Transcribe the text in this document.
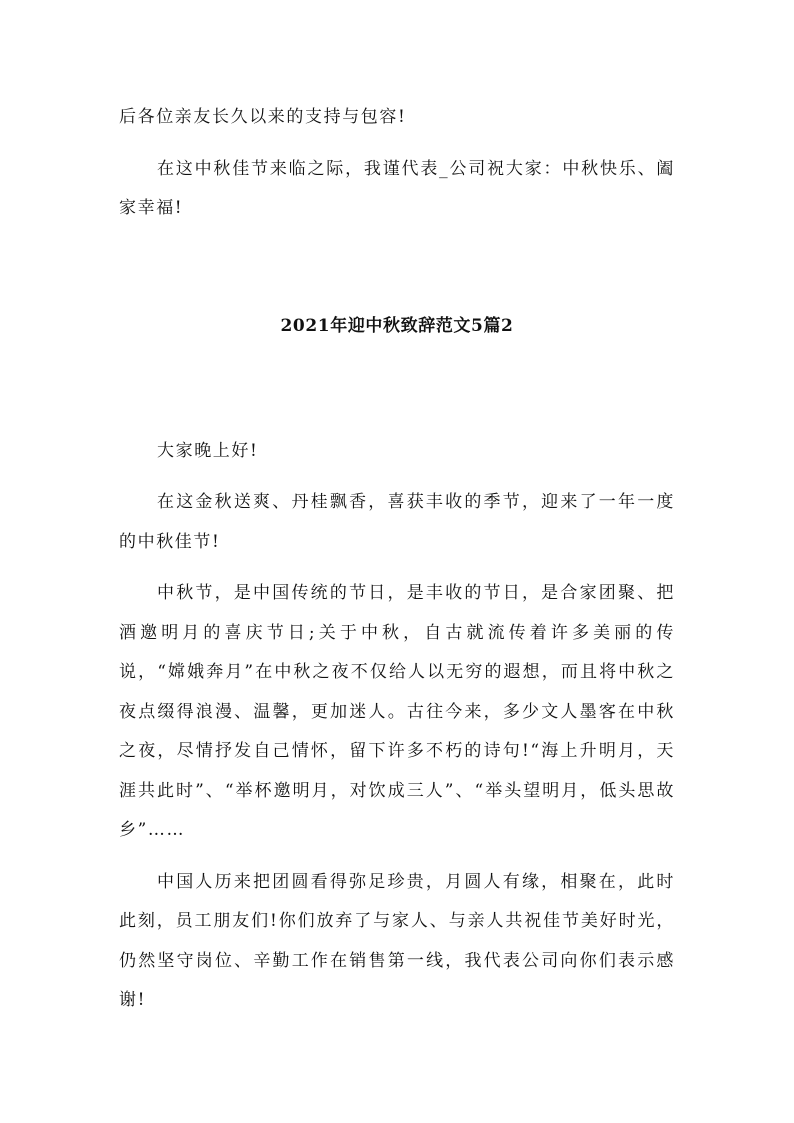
后各位亲友长久以来的支持与包容!

在这中秋佳节来临之际，我谨代表_公司祝大家：中秋快乐、阖家幸福!

2021年迎中秋致辞范文5篇2

大家晚上好!

在这金秋送爽、丹桂飘香，喜获丰收的季节，迎来了一年一度的中秋佳节!

中秋节，是中国传统的节日，是丰收的节日，是合家团聚、把酒邀明月的喜庆节日;关于中秋，自古就流传着许多美丽的传说，“嫦娥奔月”在中秋之夜不仅给人以无穷的遐想，而且将中秋之夜点缀得浪漫、温馨，更加迷人。古往今来，多少文人墨客在中秋之夜，尽情抒发自己情怀，留下许多不朽的诗句!“海上升明月，天涯共此时”、“举杯邀明月，对饮成三人”、“举头望明月，低头思故乡”……

中国人历来把团圆看得弥足珍贵，月圆人有缘，相聚在，此时此刻，员工朋友们!你们放弃了与家人、与亲人共祝佳节美好时光，仍然坚守岗位、辛勤工作在销售第一线，我代表公司向你们表示感谢!
